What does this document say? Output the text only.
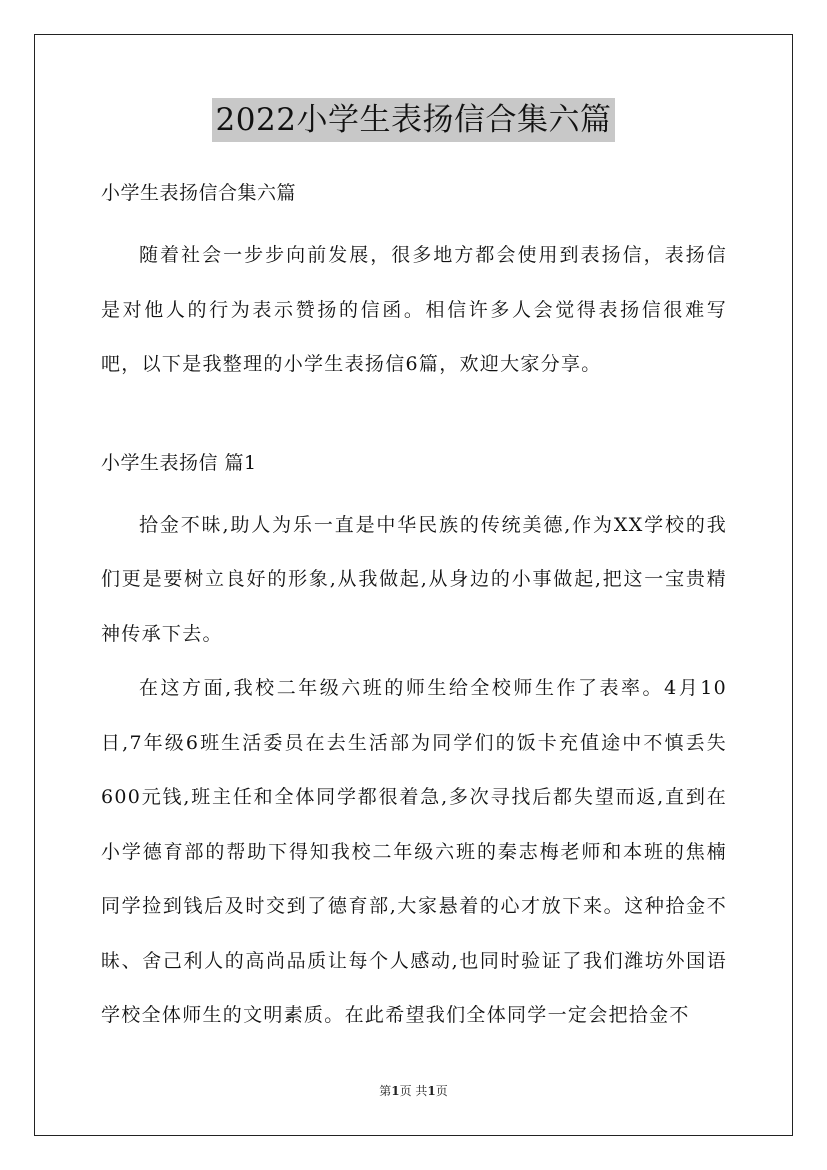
2022小学生表扬信合集六篇

小学生表扬信合集六篇

随着社会一步步向前发展，很多地方都会使用到表扬信，表扬信是对他人的行为表示赞扬的信函。相信许多人会觉得表扬信很难写吧，以下是我整理的小学生表扬信6篇，欢迎大家分享。

小学生表扬信 篇1

拾金不昧,助人为乐一直是中华民族的传统美德,作为XX学校的我们更是要树立良好的形象,从我做起,从身边的小事做起,把这一宝贵精神传承下去。

在这方面,我校二年级六班的师生给全校师生作了表率。4月10日,7年级6班生活委员在去生活部为同学们的饭卡充值途中不慎丢失600元钱,班主任和全体同学都很着急,多次寻找后都失望而返,直到在小学德育部的帮助下得知我校二年级六班的秦志梅老师和本班的焦楠同学捡到钱后及时交到了德育部,大家悬着的心才放下来。这种拾金不昧、舍己利人的高尚品质让每个人感动,也同时验证了我们潍坊外国语学校全体师生的文明素质。在此希望我们全体同学一定会把拾金不

第1页 共1页
